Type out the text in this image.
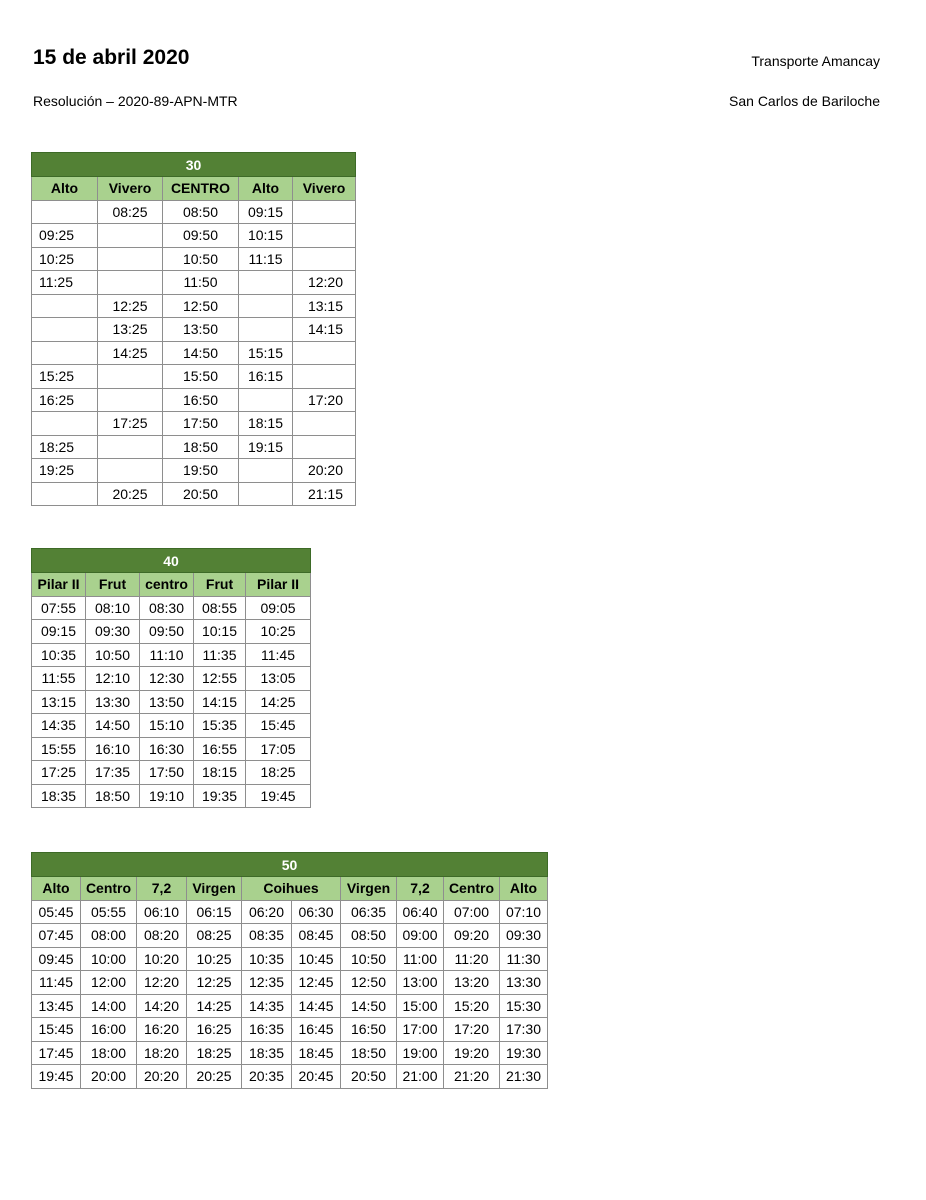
15 de abril 2020
Resolución – 2020-89-APN-MTR
Transporte Amancay
San Carlos de Bariloche
30				
Alto	Vivero	CENTRO	Alto	Vivero
	08:25	08:50	09:15	
09:25		09:50	10:15	
10:25		10:50	11:15	
11:25		11:50		12:20
	12:25	12:50		13:15
	13:25	13:50		14:15
	14:25	14:50	15:15	
15:25		15:50	16:15	
16:25		16:50		17:20
	17:25	17:50	18:15	
18:25		18:50	19:15	
19:25		19:50		20:20
	20:25	20:50		21:15
40				
Pilar II	Frut	centro	Frut	Pilar II
07:55	08:10	08:30	08:55	09:05
09:15	09:30	09:50	10:15	10:25
10:35	10:50	11:10	11:35	11:45
11:55	12:10	12:30	12:55	13:05
13:15	13:30	13:50	14:15	14:25
14:35	14:50	15:10	15:35	15:45
15:55	16:10	16:30	16:55	17:05
17:25	17:35	17:50	18:15	18:25
18:35	18:50	19:10	19:35	19:45
50									
Alto	Centro	7,2	Virgen	Coihues		Virgen	7,2	Centro	Alto
05:45	05:55	06:10	06:15	06:20	06:30	06:35	06:40	07:00	07:10
07:45	08:00	08:20	08:25	08:35	08:45	08:50	09:00	09:20	09:30
09:45	10:00	10:20	10:25	10:35	10:45	10:50	11:00	11:20	11:30
11:45	12:00	12:20	12:25	12:35	12:45	12:50	13:00	13:20	13:30
13:45	14:00	14:20	14:25	14:35	14:45	14:50	15:00	15:20	15:30
15:45	16:00	16:20	16:25	16:35	16:45	16:50	17:00	17:20	17:30
17:45	18:00	18:20	18:25	18:35	18:45	18:50	19:00	19:20	19:30
19:45	20:00	20:20	20:25	20:35	20:45	20:50	21:00	21:20	21:30
